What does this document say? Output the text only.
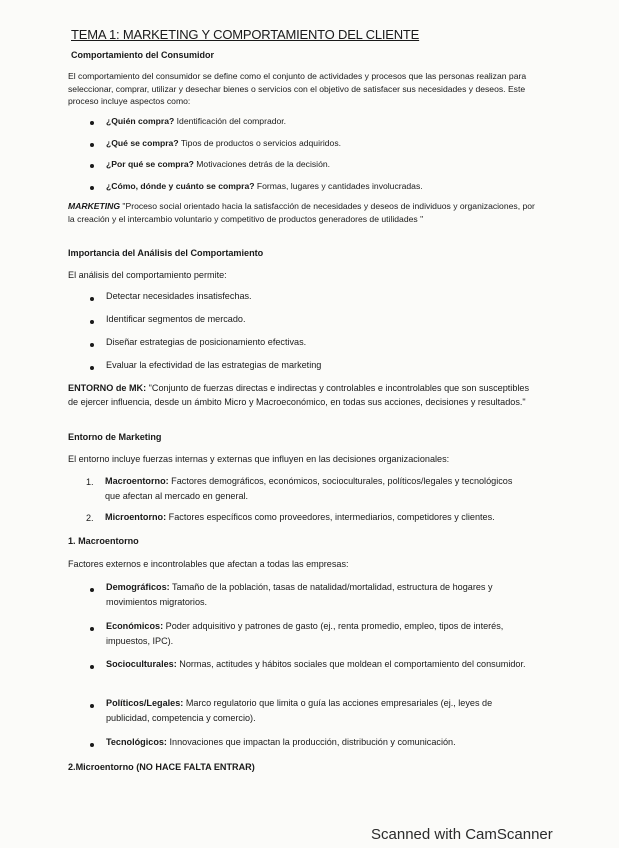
TEMA 1: MARKETING Y COMPORTAMIENTO DEL CLIENTE
Comportamiento del Consumidor
El comportamiento del consumidor se define como el conjunto de actividades y procesos que las personas realizan para seleccionar, comprar, utilizar y desechar bienes o servicios con el objetivo de satisfacer sus necesidades y deseos. Este proceso incluye aspectos como:
¿Quién compra? Identificación del comprador.
¿Qué se compra? Tipos de productos o servicios adquiridos.
¿Por qué se compra? Motivaciones detrás de la decisión.
¿Cómo, dónde y cuánto se compra? Formas, lugares y cantidades involucradas.
MARKETING "Proceso social orientado hacia la satisfacción de necesidades y deseos de individuos y organizaciones, por la creación y el intercambio voluntario y competitivo de productos generadores de utilidades "
Importancia del Análisis del Comportamiento
El análisis del comportamiento permite:
Detectar necesidades insatisfechas.
Identificar segmentos de mercado.
Diseñar estrategias de posicionamiento efectivas.
Evaluar la efectividad de las estrategias de marketing
ENTORNO de MK: "Conjunto de fuerzas directas e indirectas y controlables e incontrolables que son susceptibles de ejercer influencia, desde un ámbito Micro y Macroeconómico, en todas sus acciones, decisiones y resultados."
Entorno de Marketing
El entorno incluye fuerzas internas y externas que influyen en las decisiones organizacionales:
1. Macroentorno: Factores demográficos, económicos, socioculturales, políticos/legales y tecnológicos que afectan al mercado en general.
2. Microentorno: Factores específicos como proveedores, intermediarios, competidores y clientes.
1. Macroentorno
Factores externos e incontrolables que afectan a todas las empresas:
Demográficos: Tamaño de la población, tasas de natalidad/mortalidad, estructura de hogares y movimientos migratorios.
Económicos: Poder adquisitivo y patrones de gasto (ej., renta promedio, empleo, tipos de interés, impuestos, IPC).
Socioculturales: Normas, actitudes y hábitos sociales que moldean el comportamiento del consumidor.
Políticos/Legales: Marco regulatorio que limita o guía las acciones empresariales (ej., leyes de publicidad, competencia y comercio).
Tecnológicos: Innovaciones que impactan la producción, distribución y comunicación.
2.Microentorno (NO HACE FALTA ENTRAR)
Scanned with CamScanner
